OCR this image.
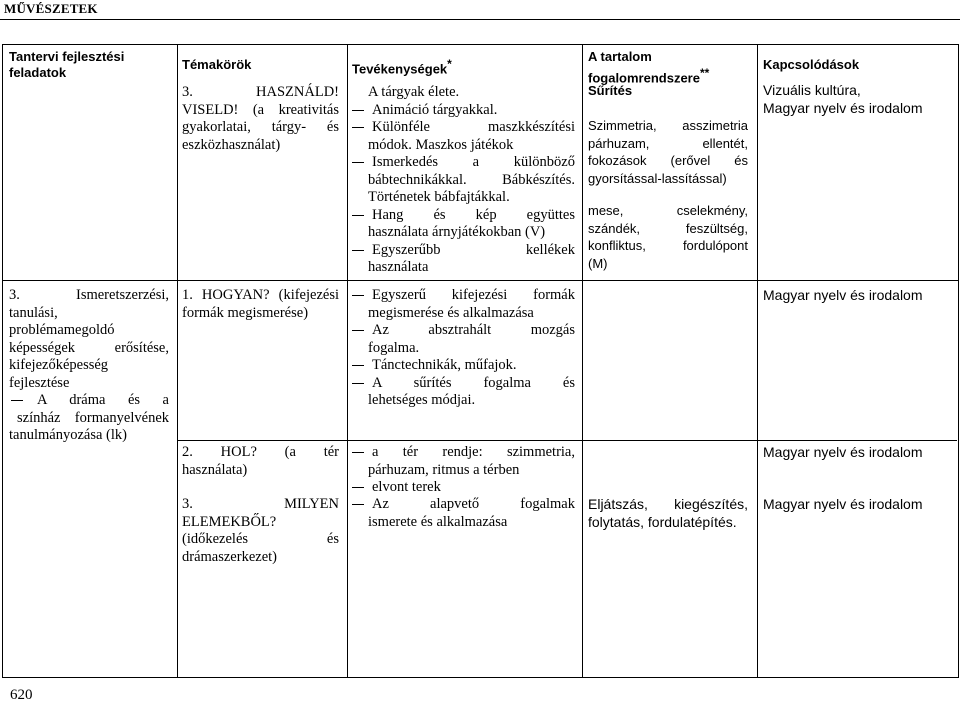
MŰVÉSZETEK
Tantervi fejlesztési feladatok
Témakörök	Tevékenységek*	A tartalom
fogalomrendszere**
Kapcsolódások
3. HASZNÁLD!
VISELD! (a kreativitás
gyakorlatai, tárgy- és
eszközhasználat)
A tárgyak élete.
Animáció tárgyakkal.
Különféle maszkkészítési
módok. Maszkos játékok
Ismerkedés a különböző
bábtechnikákkal. Bábkészítés.
Történetek bábfajtákkal.
Hang és kép együttes
használata árnyjátékokban (V)
Egyszerűbb kellékek
használata
Sűrítés
Szimmetria, asszimetria
párhuzam, ellentét,
fokozások (erővel és
gyorsítással-lassítással)
mese, cselekmény,
szándék, feszültség,
konfliktus, fordulópont
(M)
Vizuális kultúra,
Magyar nyelv és irodalom
3. Ismeretszerzési,
tanulási,
problémamegoldó
képességek erősítése,
kifejezőképesség
fejlesztése
A dráma és a
színház formanyelvének
tanulmányozása (lk)
1. HOGYAN? (kifejezési
formák megismerése)
Egyszerű kifejezési formák
megismerése és alkalmazása
Az absztrahált mozgás
fogalma.
Tánctechnikák, műfajok.
A sűrítés fogalma és
lehetséges módjai.
Magyar nyelv és irodalom
2. HOL? (a tér
használata)
a tér rendje: szimmetria,
párhuzam, ritmus a térben
elvont terek
Magyar nyelv és irodalom
3. MILYEN
ELEMEKBŐL?
(időkezelés és
drámaszerkezet)
Az alapvető fogalmak
ismerete és alkalmazása
Eljátszás, kiegészítés,
folytatás, fordulatépítés.
Magyar nyelv és irodalom
620
